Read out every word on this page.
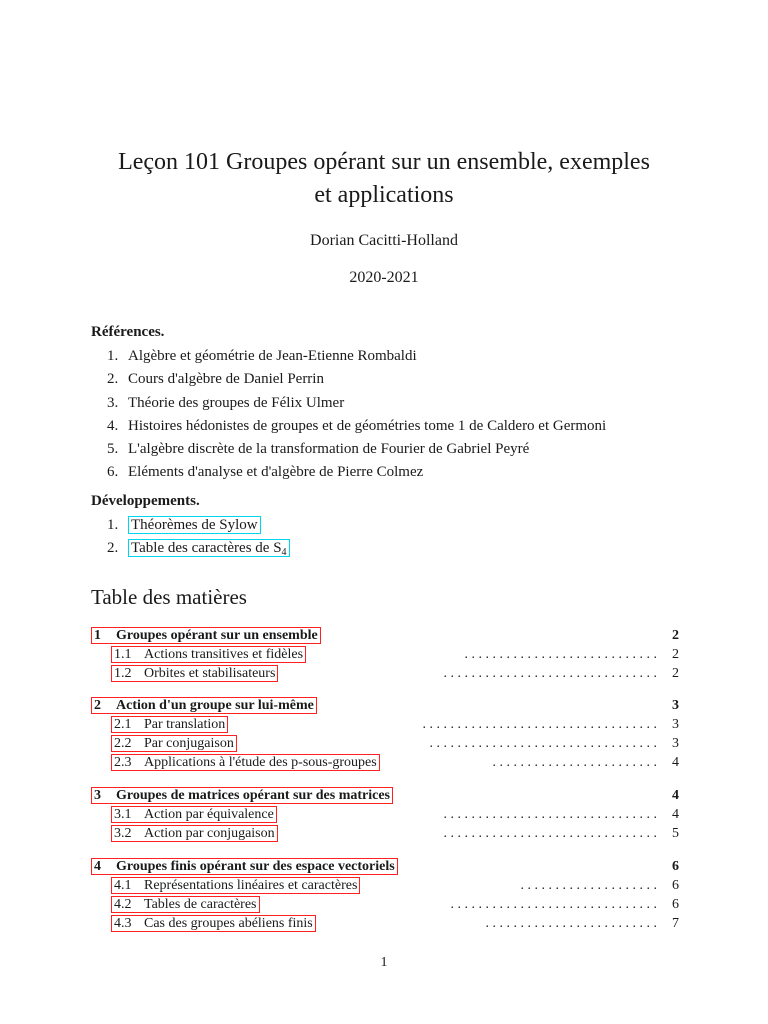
Leçon 101 Groupes opérant sur un ensemble, exemples
et applications
Dorian Cacitti-Holland
2020-2021
Références.
1. Algèbre et géométrie de Jean-Etienne Rombaldi
2. Cours d'algèbre de Daniel Perrin
3. Théorie des groupes de Félix Ulmer
4. Histoires hédonistes de groupes et de géométries tome 1 de Caldero et Germoni
5. L'algèbre discrète de la transformation de Fourier de Gabriel Peyré
6. Eléments d'analyse et d'algèbre de Pierre Colmez
Développements.
1. Théorèmes de Sylow
2. Table des caractères de $S_4$
Table des matières
1 Groupes opérant sur un ensemble	2
1.1 Actions transitives et fidèles	. . . . . . . . . . . . . . . . . . . . . . . . . . . . 2
1.2 Orbites et stabilisateurs	. . . . . . . . . . . . . . . . . . . . . . . . . . . . . . . 2
2 Action d'un groupe sur lui-même	3
2.1 Par translation	. . . . . . . . . . . . . . . . . . . . . . . . . . . . . . . . . . 3
2.2 Par conjugaison	. . . . . . . . . . . . . . . . . . . . . . . . . . . . . . . . . 3
2.3 Applications à l'étude des p-sous-groupes	. . . . . . . . . . . . . . . . . . . . . . . . 4
3 Groupes de matrices opérant sur des matrices	4
3.1 Action par équivalence	. . . . . . . . . . . . . . . . . . . . . . . . . . . . . . . 4
3.2 Action par conjugaison	. . . . . . . . . . . . . . . . . . . . . . . . . . . . . . . 5
4 Groupes finis opérant sur des espace vectoriels	6
4.1 Représentations linéaires et caractères	. . . . . . . . . . . . . . . . . . . . 6
4.2 Tables de caractères	. . . . . . . . . . . . . . . . . . . . . . . . . . . . . . 6
4.3 Cas des groupes abéliens finis	. . . . . . . . . . . . . . . . . . . . . . . . . 7
1
